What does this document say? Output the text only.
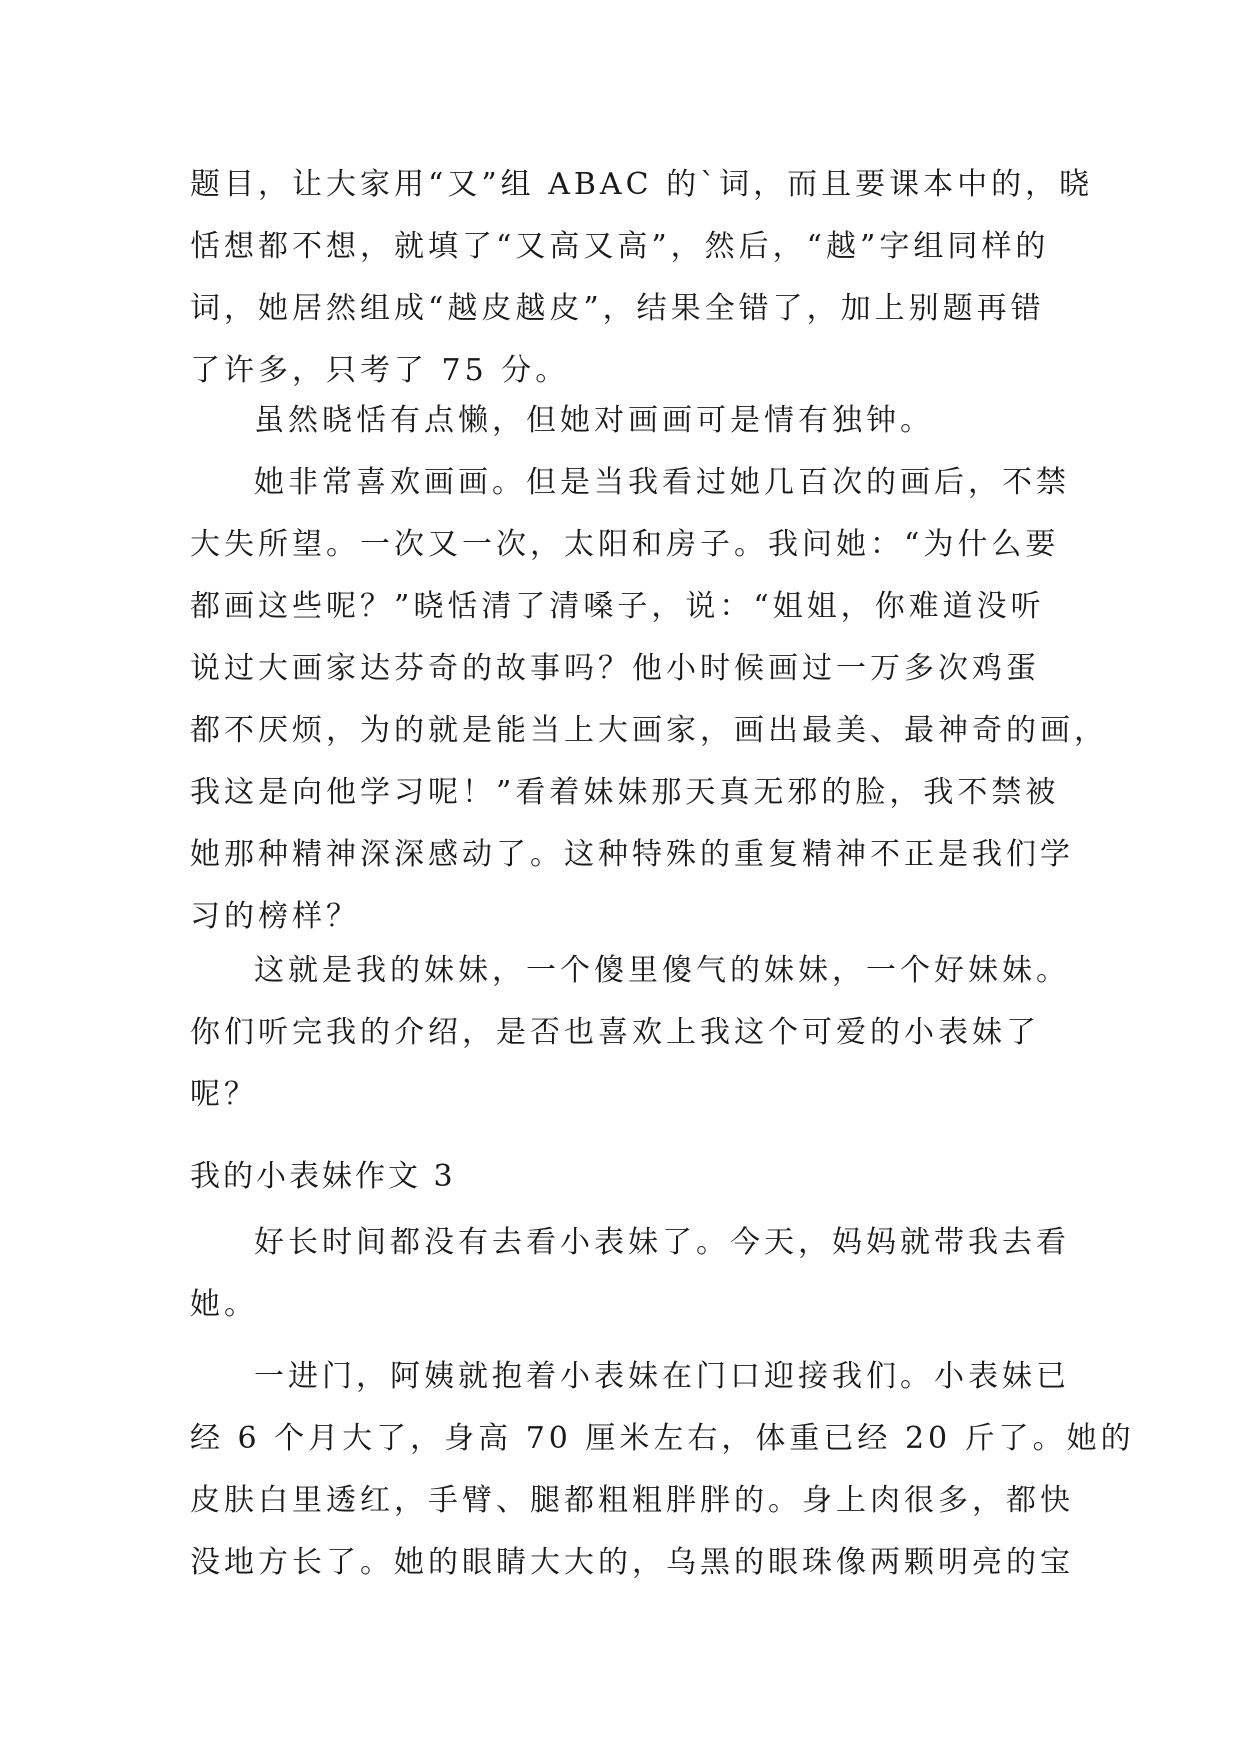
题目，让大家用“又”组 ABAC 的`词，而且要课本中的，晓
恬想都不想，就填了“又高又高”，然后，“越”字组同样的
词，她居然组成“越皮越皮”，结果全错了，加上别题再错
了许多，只考了 75 分。
虽然晓恬有点懒，但她对画画可是情有独钟。
她非常喜欢画画。但是当我看过她几百次的画后，不禁
大失所望。一次又一次，太阳和房子。我问她：“为什么要
都画这些呢？”晓恬清了清嗓子，说：“姐姐，你难道没听
说过大画家达芬奇的故事吗？他小时候画过一万多次鸡蛋
都不厌烦，为的就是能当上大画家，画出最美、最神奇的画，
我这是向他学习呢！”看着妹妹那天真无邪的脸，我不禁被
她那种精神深深感动了。这种特殊的重复精神不正是我们学
习的榜样？
这就是我的妹妹，一个傻里傻气的妹妹，一个好妹妹。
你们听完我的介绍，是否也喜欢上我这个可爱的小表妹了
呢？
我的小表妹作文 3
好长时间都没有去看小表妹了。今天，妈妈就带我去看
她。
一进门，阿姨就抱着小表妹在门口迎接我们。小表妹已
经 6 个月大了，身高 70 厘米左右，体重已经 20 斤了。她的
皮肤白里透红，手臂、腿都粗粗胖胖的。身上肉很多，都快
没地方长了。她的眼睛大大的，乌黑的眼珠像两颗明亮的宝
